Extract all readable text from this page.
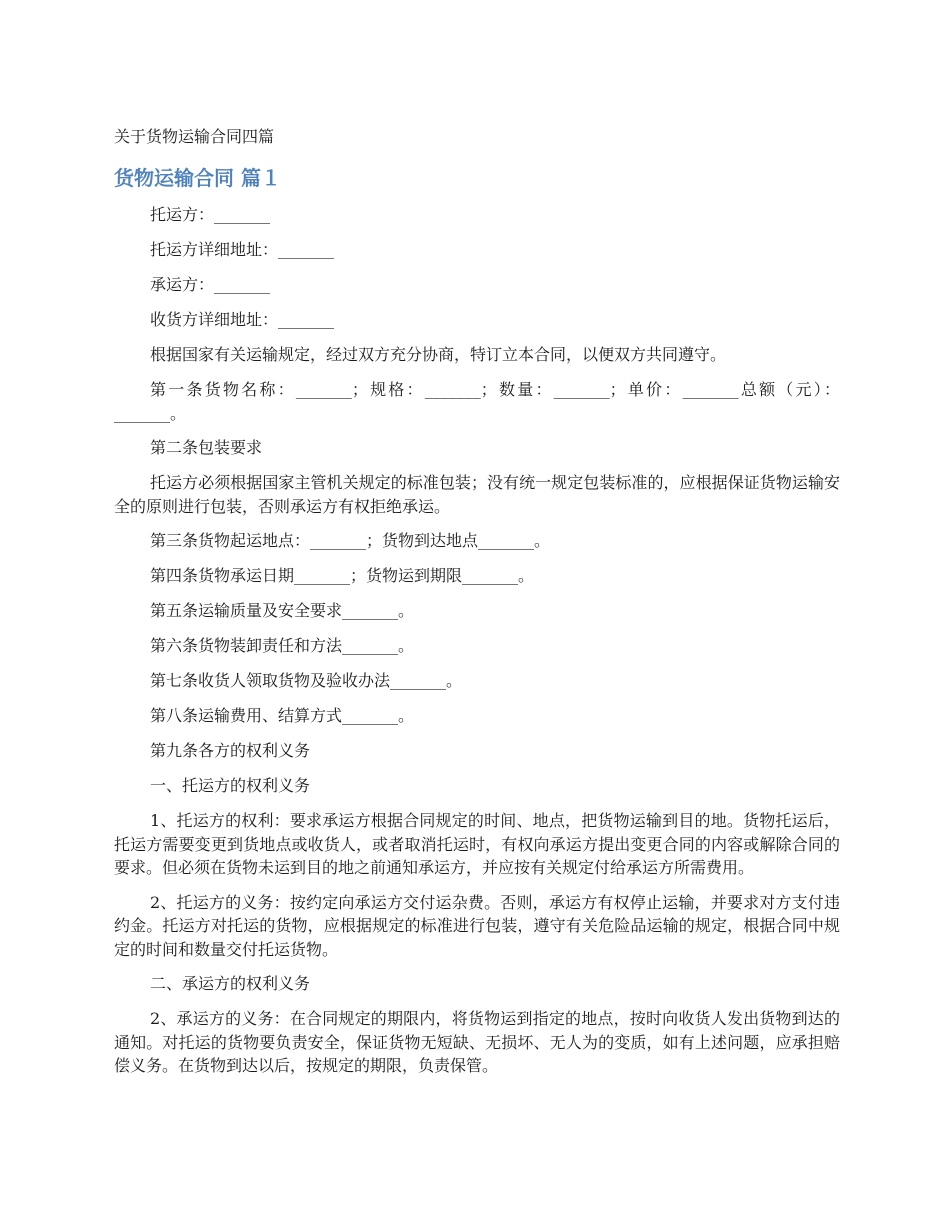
关于货物运输合同四篇
货物运输合同 篇１

托运方：_______

托运方详细地址：_______

承运方：_______

收货方详细地址：_______

根据国家有关运输规定，经过双方充分协商，特订立本合同，以便双方共同遵守。

第一条货物名称：_______；规格：_______；数量：_______；单价：_______总额（元）：_______。

第二条包装要求

托运方必须根据国家主管机关规定的标准包装；没有统一规定包装标准的，应根据保证货物运输安全的原则进行包装，否则承运方有权拒绝承运。

第三条货物起运地点：_______；货物到达地点_______。

第四条货物承运日期_______；货物运到期限_______。

第五条运输质量及安全要求_______。

第六条货物装卸责任和方法_______。

第七条收货人领取货物及验收办法_______。

第八条运输费用、结算方式_______。

第九条各方的权利义务

一、托运方的权利义务

1、托运方的权利：要求承运方根据合同规定的时间、地点，把货物运输到目的地。货物托运后，托运方需要变更到货地点或收货人，或者取消托运时，有权向承运方提出变更合同的内容或解除合同的要求。但必须在货物未运到目的地之前通知承运方，并应按有关规定付给承运方所需费用。

2、托运方的义务：按约定向承运方交付运杂费。否则，承运方有权停止运输，并要求对方支付违约金。托运方对托运的货物，应根据规定的标准进行包装，遵守有关危险品运输的规定，根据合同中规定的时间和数量交付托运货物。

二、承运方的权利义务

2、承运方的义务：在合同规定的期限内，将货物运到指定的地点，按时向收货人发出货物到达的通知。对托运的货物要负责安全，保证货物无短缺、无损坏、无人为的变质，如有上述问题，应承担赔偿义务。在货物到达以后，按规定的期限，负责保管。
